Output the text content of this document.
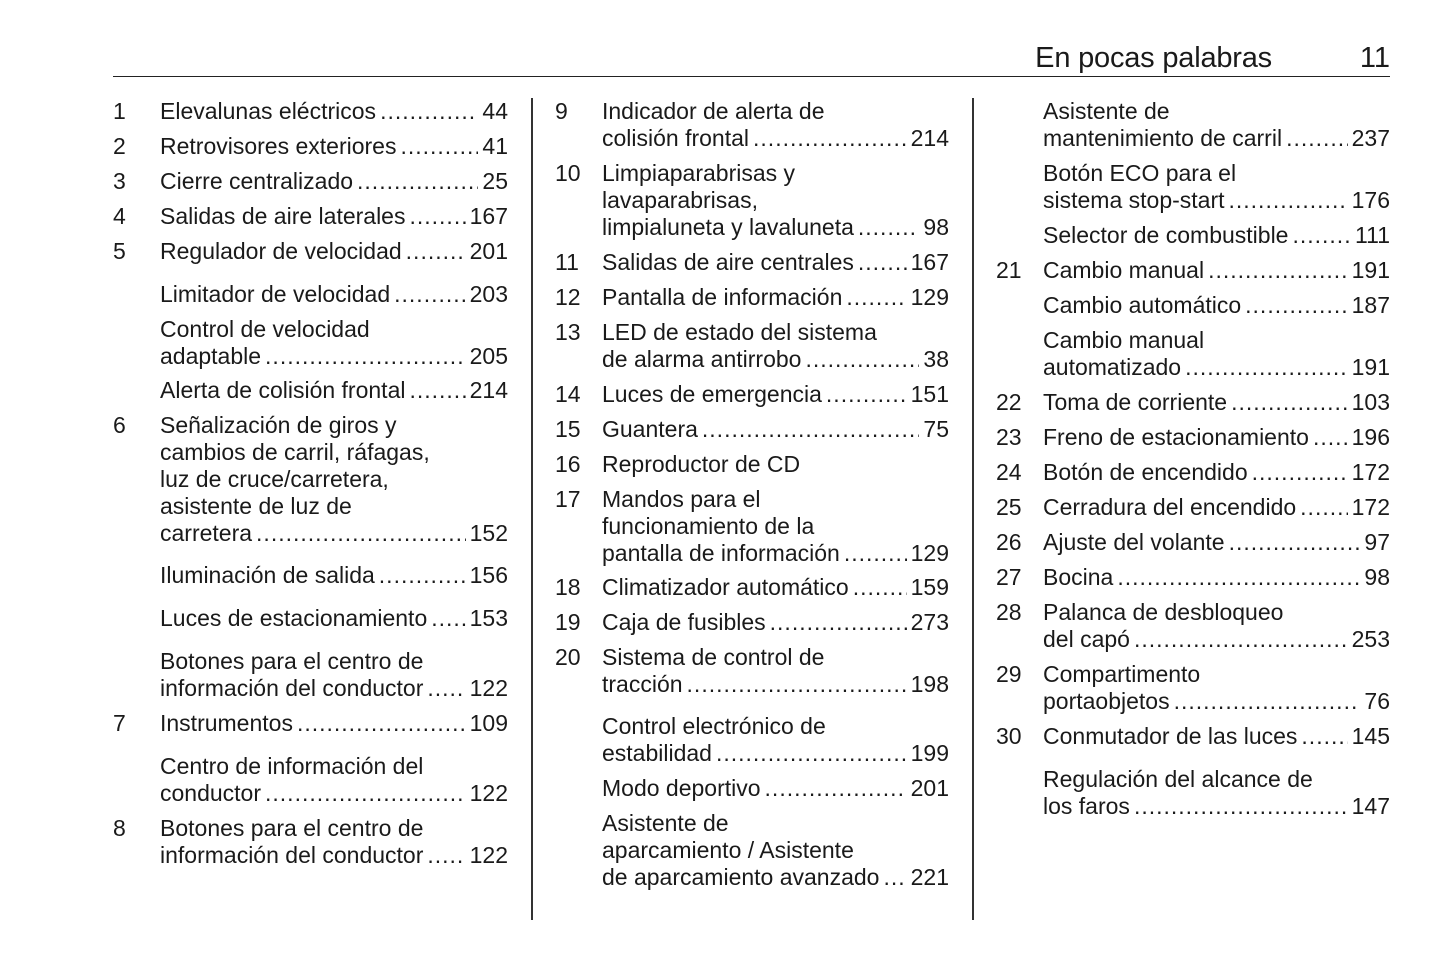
En pocas palabras	11
1 Elevalunas eléctricos .....	44
2 Retrovisores exteriores .....	41
3 Cierre centralizado .....	25
4 Salidas de aire laterales .....	167
5 Regulador de velocidad .....	201
Limitador de velocidad .....	203
Control de velocidad
adaptable .....	205
Alerta de colisión frontal .....	214
6 Señalización de giros y
cambios de carril, ráfagas,
luz de cruce/carretera,
asistente de luz de
carretera .....	152
Iluminación de salida .....	156
Luces de estacionamiento ..... 153
Botones para el centro de
información del conductor ..... 122
7 Instrumentos .....	109
Centro de información del
conductor .....	122
8 Botones para el centro de
información del conductor ..... 122
9 Indicador de alerta de
colisión frontal .....	214
10 Limpiaparabrisas y
lavaparabrisas,
limpialuneta y lavaluneta .....	98
11 Salidas de aire centrales ..... 167
12 Pantalla de información .....	129
13 LED de estado del sistema
de alarma antirrobo .....	38
14 Luces de emergencia .....	151
15 Guantera .....	75
16 Reproductor de CD
17 Mandos para el
funcionamiento de la
pantalla de información .....	129
18 Climatizador automático .....	159
19 Caja de fusibles .....	273
20 Sistema de control de
tracción .....	198
Control electrónico de
estabilidad .....	199
Modo deportivo .....	201
Asistente de
aparcamiento / Asistente
de aparcamiento avanzado ..... 221
Asistente de
mantenimiento de carril .....	237
Botón ECO para el
sistema stop-start .....	176
Selector de combustible .....	111
21 Cambio manual .....	191
Cambio automático .....	187
Cambio manual
automatizado .....	191
22 Toma de corriente .....	103
23 Freno de estacionamiento ..... 196
24 Botón de encendido .....	172
25 Cerradura del encendido ..... 172
26 Ajuste del volante .....	97
27 Bocina .....	98
28 Palanca de desbloqueo
del capó .....	253
29 Compartimento
portaobjetos .....	76
30 Conmutador de las luces ..... 145
Regulación del alcance de
los faros .....	147
